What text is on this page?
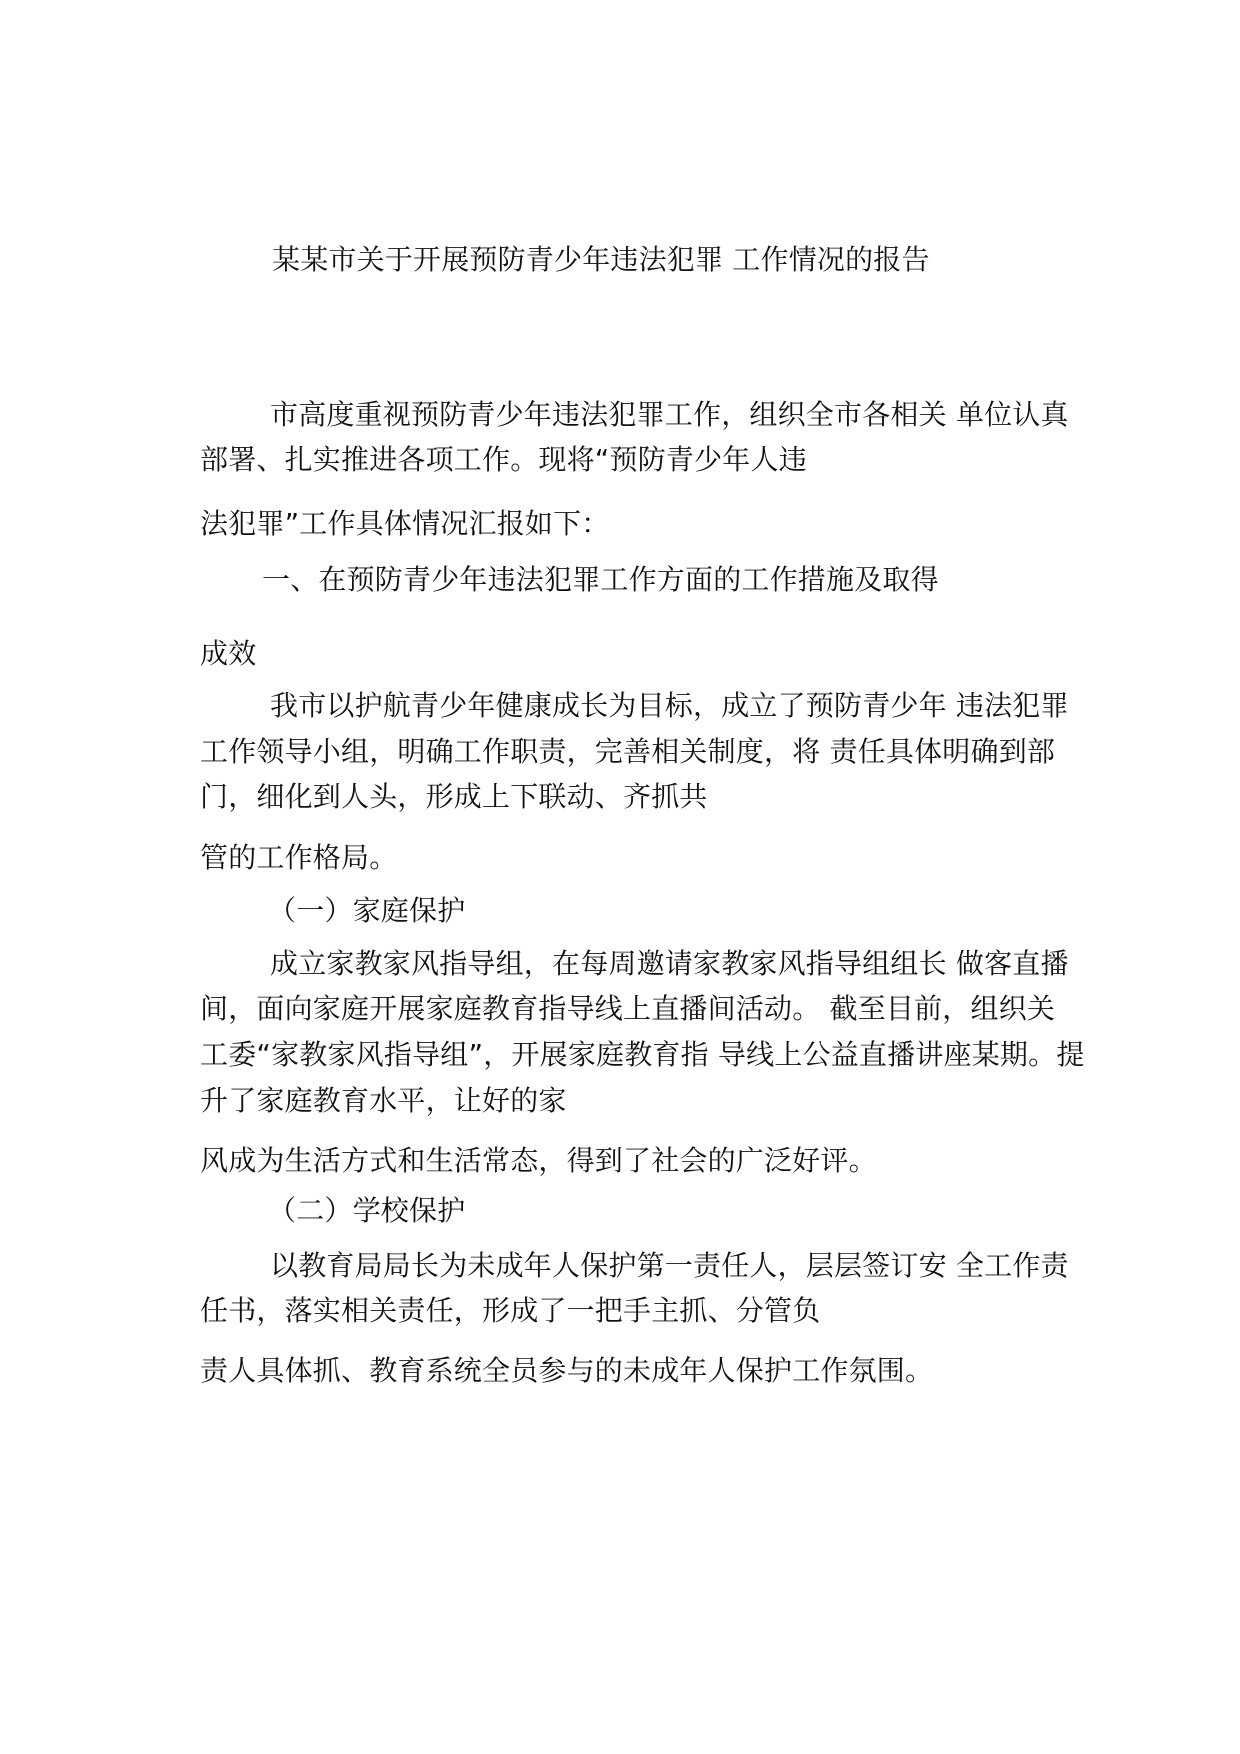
某某市关于开展预防青少年违法犯罪 工作情况的报告
市高度重视预防青少年违法犯罪工作，组织全市各相关 单位认真
部署、扎实推进各项工作。现将“预防青少年人违
法犯罪”工作具体情况汇报如下：
一、在预防青少年违法犯罪工作方面的工作措施及取得
成效
我市以护航青少年健康成长为目标，成立了预防青少年 违法犯罪
工作领导小组，明确工作职责，完善相关制度，将 责任具体明确到部
门，细化到人头，形成上下联动、齐抓共
管的工作格局。
（一）家庭保护
成立家教家风指导组，在每周邀请家教家风指导组组长 做客直播
间，面向家庭开展家庭教育指导线上直播间活动。 截至目前，组织关
工委“家教家风指导组”，开展家庭教育指 导线上公益直播讲座某期。提
升了家庭教育水平，让好的家
风成为生活方式和生活常态，得到了社会的广泛好评。
（二）学校保护
以教育局局长为未成年人保护第一责任人，层层签订安 全工作责
任书，落实相关责任，形成了一把手主抓、分管负
责人具体抓、教育系统全员参与的未成年人保护工作氛围。
